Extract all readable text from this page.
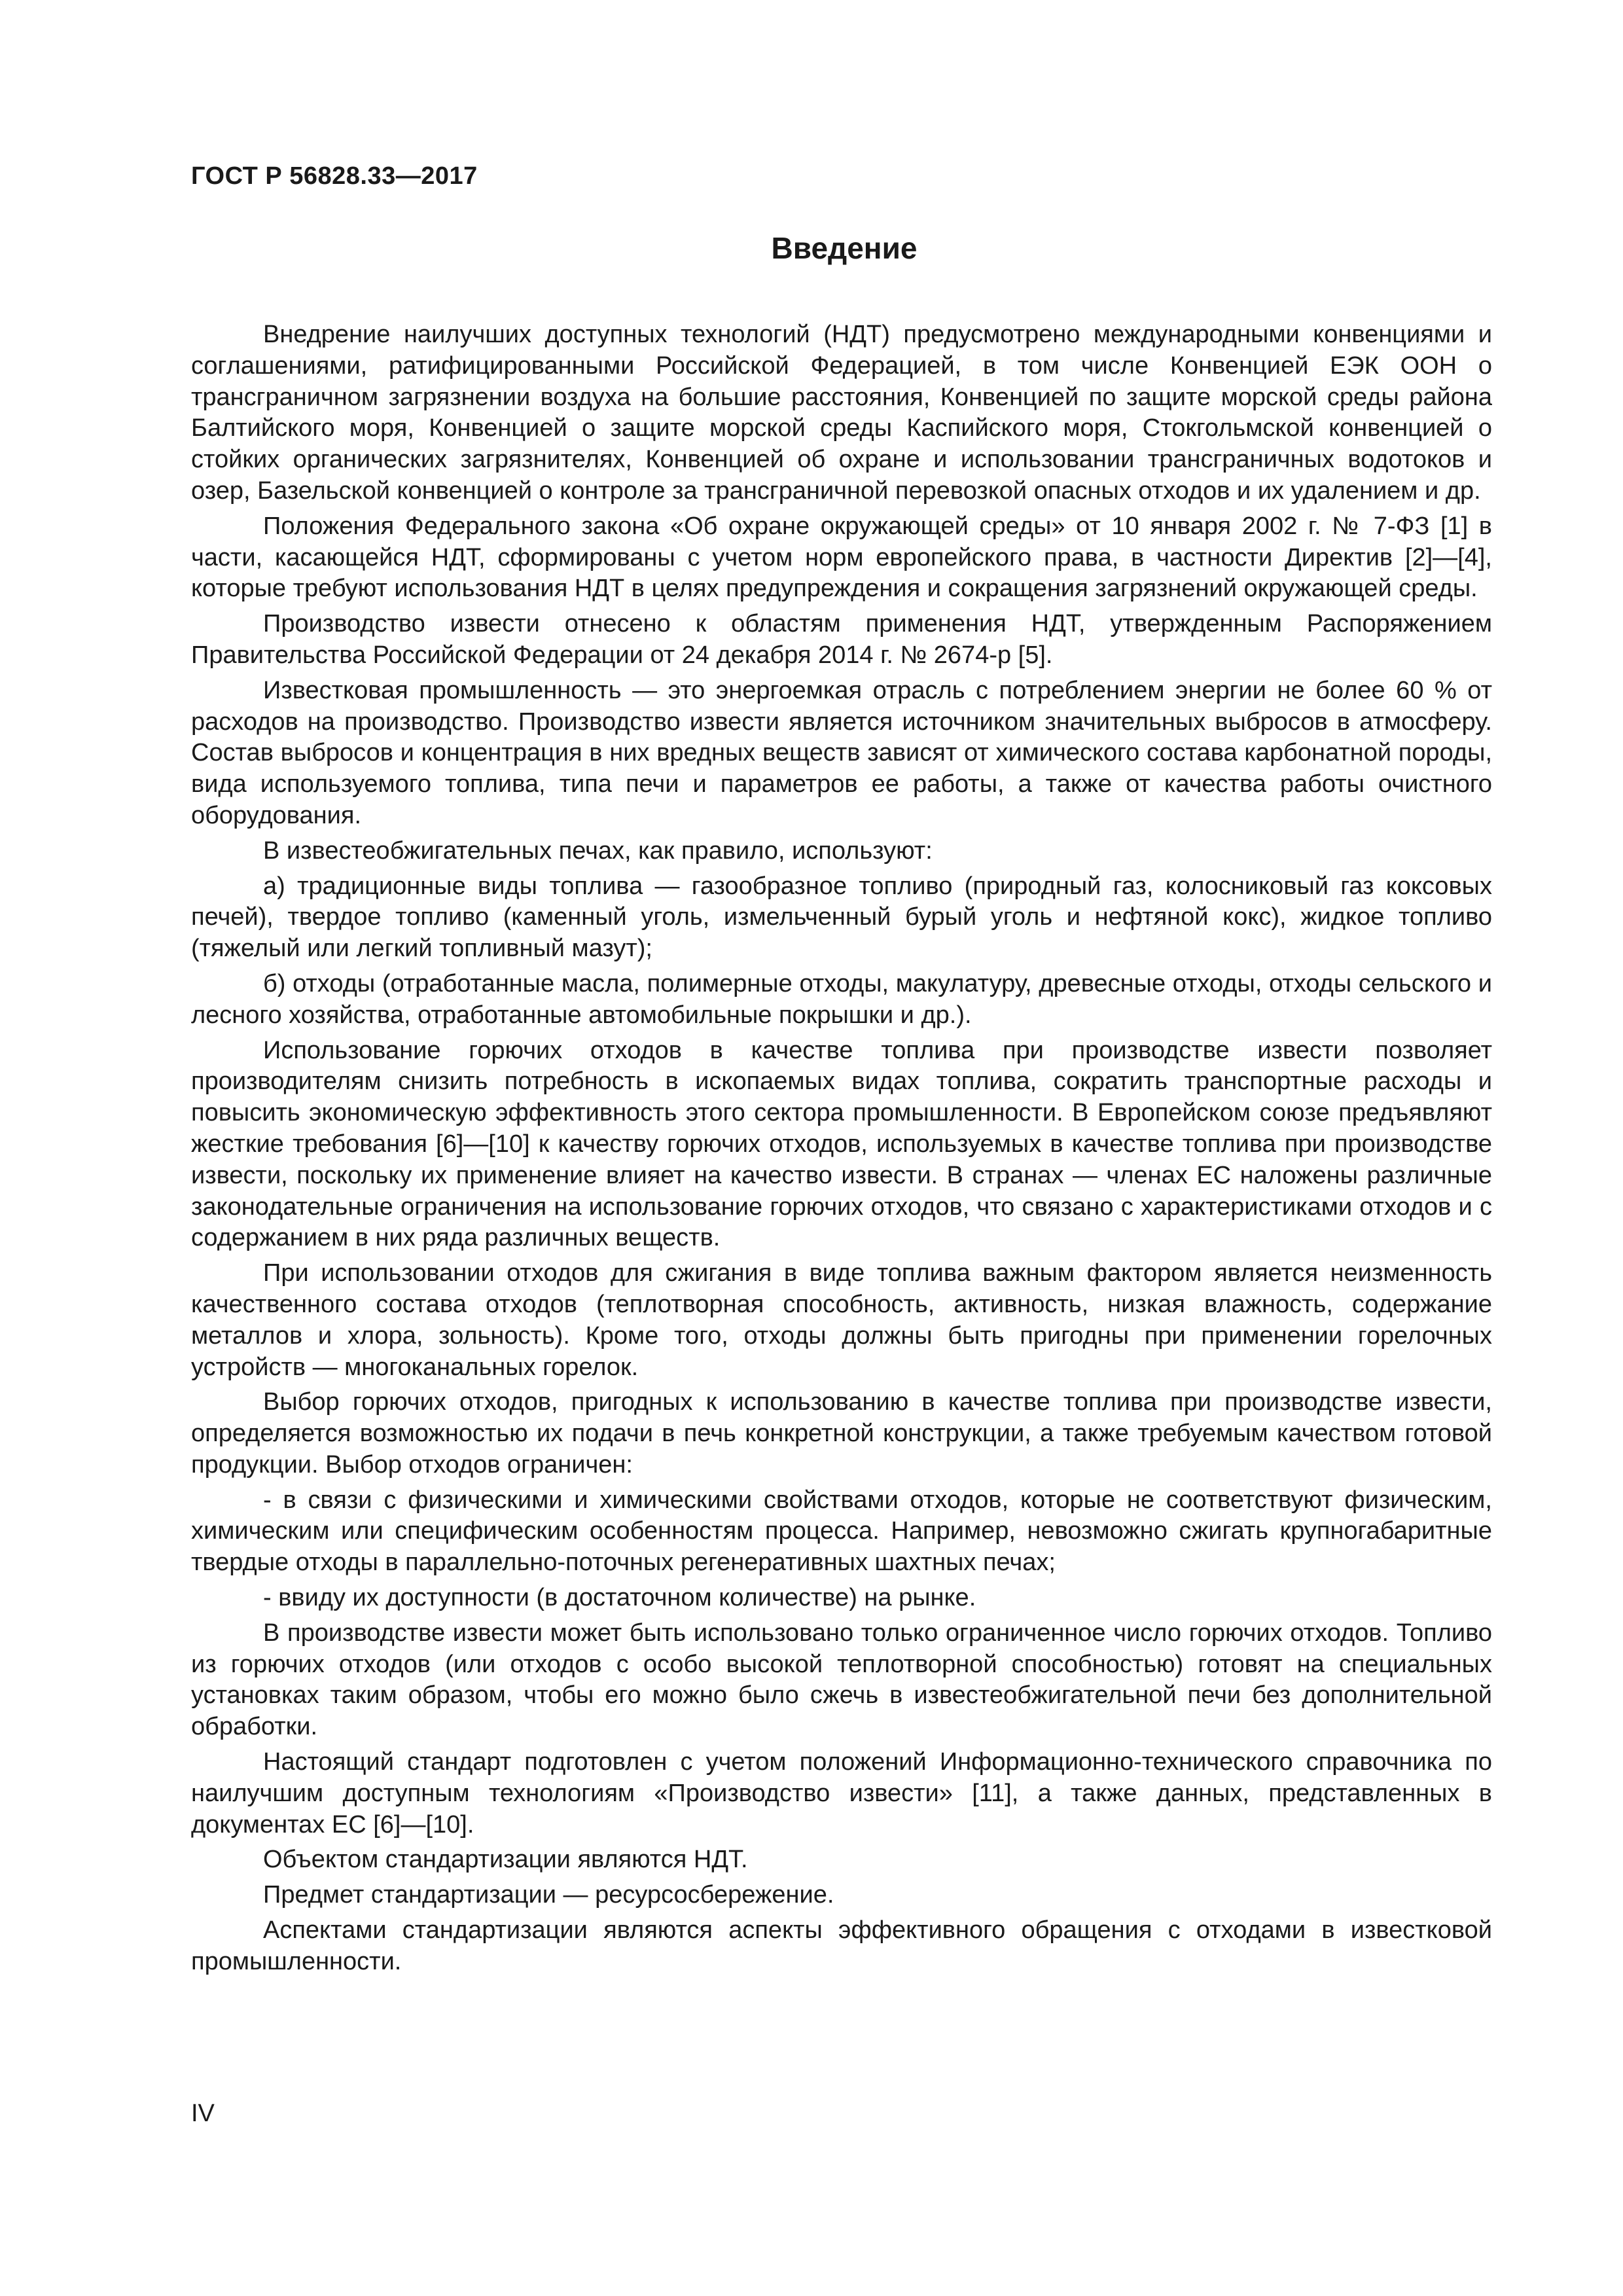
ГОСТ Р 56828.33—2017
Введение

Внедрение наилучших доступных технологий (НДТ) предусмотрено международными конвенциями и соглашениями, ратифицированными Российской Федерацией, в том числе Конвенцией ЕЭК ООН о трансграничном загрязнении воздуха на большие расстояния, Конвенцией по защите морской среды района Балтийского моря, Конвенцией о защите морской среды Каспийского моря, Стокгольмской конвенцией о стойких органических загрязнителях, Конвенцией об охране и использовании трансграничных водотоков и озер, Базельской конвенцией о контроле за трансграничной перевозкой опасных отходов и их удалением и др.

Положения Федерального закона «Об охране окружающей среды» от 10 января 2002 г. № 7-ФЗ [1] в части, касающейся НДТ, сформированы с учетом норм европейского права, в частности Директив [2]—[4], которые требуют использования НДТ в целях предупреждения и сокращения загрязнений окружающей среды.

Производство извести отнесено к областям применения НДТ, утвержденным Распоряжением Правительства Российской Федерации от 24 декабря 2014 г. № 2674-р [5].

Известковая промышленность — это энергоемкая отрасль с потреблением энергии не более 60 % от расходов на производство. Производство извести является источником значительных выбросов в атмосферу. Состав выбросов и концентрация в них вредных веществ зависят от химического состава карбонатной породы, вида используемого топлива, типа печи и параметров ее работы, а также от качества работы очистного оборудования.

В известеобжигательных печах, как правило, используют:

а) традиционные виды топлива — газообразное топливо (природный газ, колосниковый газ коксовых печей), твердое топливо (каменный уголь, измельченный бурый уголь и нефтяной кокс), жидкое топливо (тяжелый или легкий топливный мазут);

б) отходы (отработанные масла, полимерные отходы, макулатуру, древесные отходы, отходы сельского и лесного хозяйства, отработанные автомобильные покрышки и др.).

Использование горючих отходов в качестве топлива при производстве извести позволяет производителям снизить потребность в ископаемых видах топлива, сократить транспортные расходы и повысить экономическую эффективность этого сектора промышленности. В Европейском союзе предъявляют жесткие требования [6]—[10] к качеству горючих отходов, используемых в качестве топлива при производстве извести, поскольку их применение влияет на качество извести. В странах — членах ЕС наложены различные законодательные ограничения на использование горючих отходов, что связано с характеристиками отходов и с содержанием в них ряда различных веществ.

При использовании отходов для сжигания в виде топлива важным фактором является неизменность качественного состава отходов (теплотворная способность, активность, низкая влажность, содержание металлов и хлора, зольность). Кроме того, отходы должны быть пригодны при применении горелочных устройств — многоканальных горелок.

Выбор горючих отходов, пригодных к использованию в качестве топлива при производстве извести, определяется возможностью их подачи в печь конкретной конструкции, а также требуемым качеством готовой продукции. Выбор отходов ограничен:

- в связи с физическими и химическими свойствами отходов, которые не соответствуют физическим, химическим или специфическим особенностям процесса. Например, невозможно сжигать крупногабаритные твердые отходы в параллельно-поточных регенеративных шахтных печах;

- ввиду их доступности (в достаточном количестве) на рынке.

В производстве извести может быть использовано только ограниченное число горючих отходов. Топливо из горючих отходов (или отходов с особо высокой теплотворной способностью) готовят на специальных установках таким образом, чтобы его можно было сжечь в известеобжигательной печи без дополнительной обработки.

Настоящий стандарт подготовлен с учетом положений Информационно-технического справочника по наилучшим доступным технологиям «Производство извести» [11], а также данных, представленных в документах ЕС [6]—[10].

Объектом стандартизации являются НДТ.

Предмет стандартизации — ресурсосбережение.

Аспектами стандартизации являются аспекты эффективного обращения с отходами в известковой промышленности.

IV
